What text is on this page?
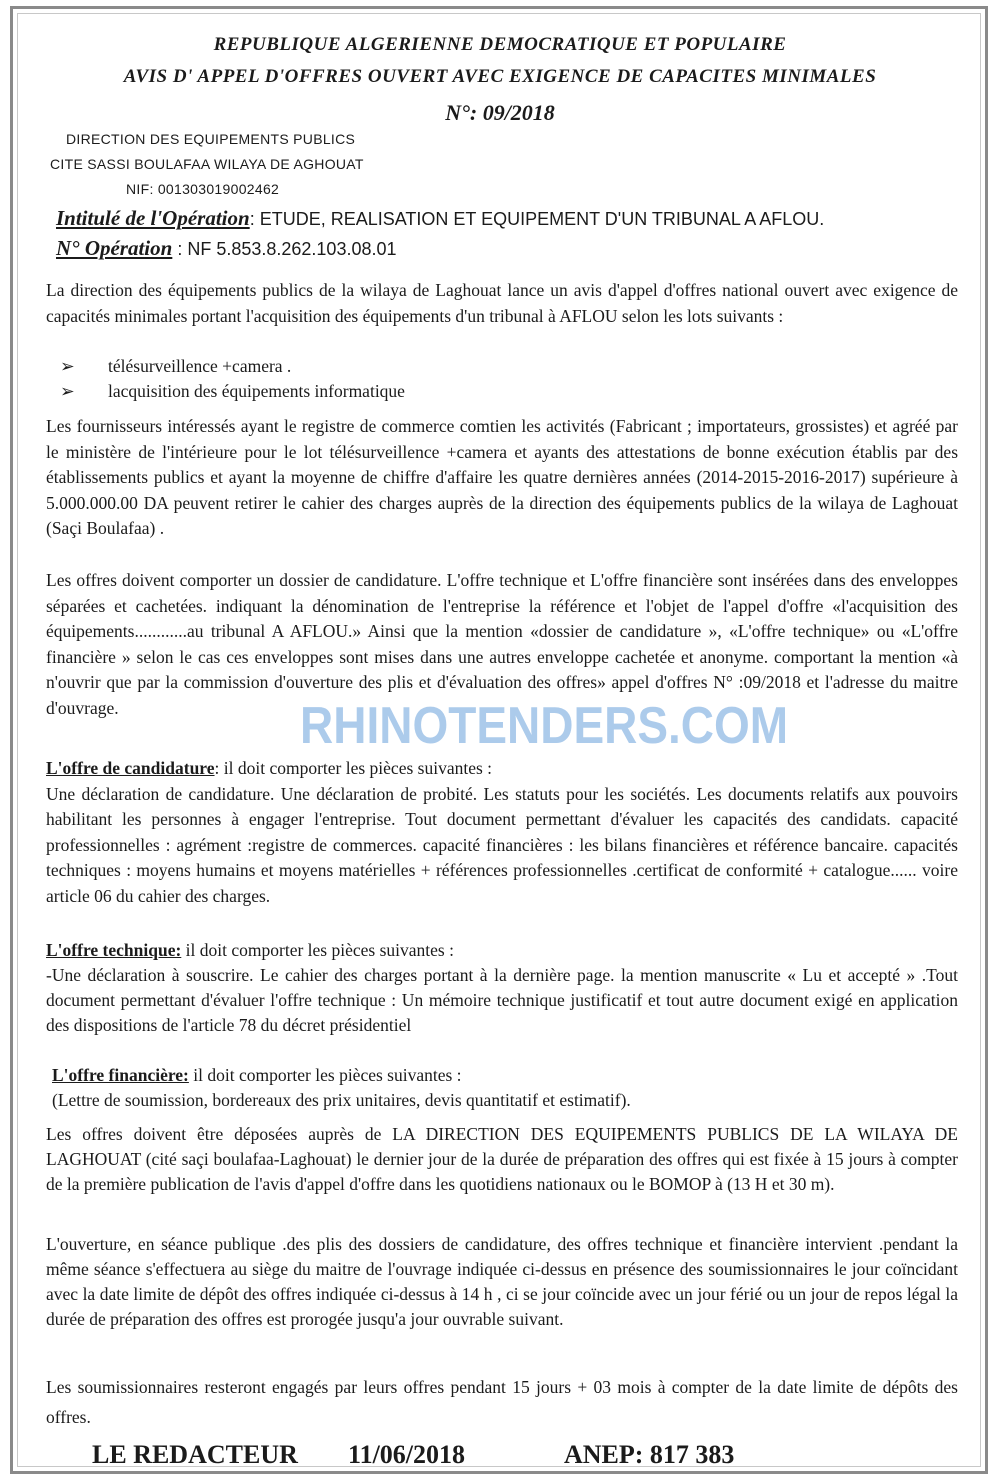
REPUBLIQUE ALGERIENNE DEMOCRATIQUE ET POPULAIRE
AVIS D' APPEL D'OFFRES OUVERT AVEC EXIGENCE DE CAPACITES MINIMALES
N°: 09/2018
DIRECTION DES EQUIPEMENTS PUBLICS
CITE SASSI BOULAFAA WILAYA DE AGHOUAT
NIF: 001303019002462
Intitulé de l'Opération: ETUDE, REALISATION ET EQUIPEMENT D'UN TRIBUNAL A AFLOU.
N° Opération : NF 5.853.8.262.103.08.01
La direction des équipements publics de la wilaya de Laghouat lance un avis d'appel d'offres national ouvert avec exigence de capacités minimales portant l'acquisition des équipements d'un tribunal à AFLOU selon les lots suivants :
➢	télésurveillence +camera .
➢	lacquisition des équipements informatique
Les fournisseurs intéressés ayant le registre de commerce comtien les activités (Fabricant ; importateurs, grossistes) et agréé par le ministère de l'intérieure pour le lot télésurveillence +camera et ayants des attestations de bonne exécution établis par des établissements publics et ayant la moyenne de chiffre d'affaire les quatre dernières années (2014-2015-2016-2017) supérieure à 5.000.000.00 DA peuvent retirer le cahier des charges auprès de la direction des équipements publics de la wilaya de Laghouat (Saçi Boulafaa) .
Les offres doivent comporter un dossier de candidature. L'offre technique et L'offre financière sont insérées dans des enveloppes séparées et cachetées. indiquant la dénomination de l'entreprise la référence et l'objet de l'appel d'offre «l'acquisition des équipements............au tribunal A AFLOU.» Ainsi que la mention «dossier de candidature », «L'offre technique» ou «L'offre financière » selon le cas ces enveloppes sont mises dans une autres enveloppe cachetée et anonyme. comportant la mention «à n'ouvrir que par la commission d'ouverture des plis et d'évaluation des offres» appel d'offres N° :09/2018 et l'adresse du maitre d'ouvrage.
L'offre de candidature: il doit comporter les pièces suivantes :
Une déclaration de candidature. Une déclaration de probité. Les statuts pour les sociétés. Les documents relatifs aux pouvoirs habilitant les personnes à engager l'entreprise. Tout document permettant d'évaluer les capacités des candidats. capacité professionnelles : agrément :registre de commerces. capacité financières : les bilans financières et référence bancaire. capacités techniques : moyens humains et moyens matérielles + références professionnelles .certificat de conformité + catalogue...... voire article 06 du cahier des charges.
L'offre technique: il doit comporter les pièces suivantes :
-Une déclaration à souscrire. Le cahier des charges portant à la dernière page. la mention manuscrite « Lu et accepté » .Tout document permettant d'évaluer l'offre technique : Un mémoire technique justificatif et tout autre document exigé en application des dispositions de l'article 78 du décret présidentiel
L'offre financière: il doit comporter les pièces suivantes :
(Lettre de soumission, bordereaux des prix unitaires, devis quantitatif et estimatif).
Les offres doivent être déposées auprès de LA DIRECTION DES EQUIPEMENTS PUBLICS DE LA WILAYA DE LAGHOUAT (cité saçi boulafaa-Laghouat) le dernier jour de la durée de préparation des offres qui est fixée à 15 jours à compter de la première publication de l'avis d'appel d'offre dans les quotidiens nationaux ou le BOMOP à (13 H et 30 m).
L'ouverture, en séance publique .des plis des dossiers de candidature, des offres technique et financière intervient .pendant la même séance s'effectuera au siège du maitre de l'ouvrage indiquée ci-dessus en présence des soumissionnaires le jour coïncidant avec la date limite de dépôt des offres indiquée ci-dessus à 14 h , ci se jour coïncide avec un jour férié ou un jour de repos légal la durée de préparation des offres est prorogée jusqu'a jour ouvrable suivant.
Les soumissionnaires resteront engagés par leurs offres pendant 15 jours + 03 mois à compter de la date limite de dépôts des offres.
RHINOTENDERS.COM
LE REDACTEUR	11/06/2018	ANEP: 817 383
